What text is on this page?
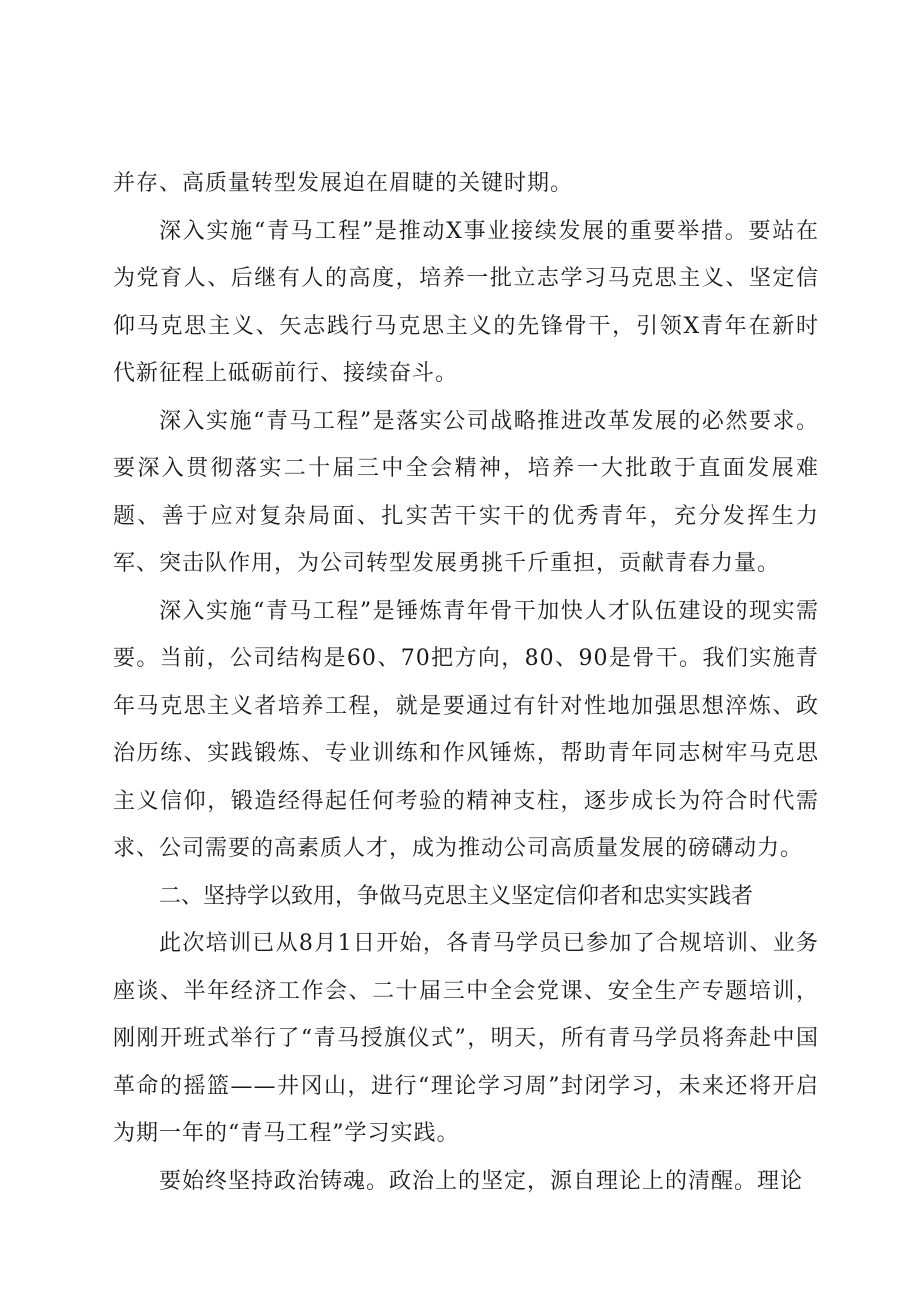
并存、高质量转型发展迫在眉睫的关键时期。

深入实施“青马工程”是推动X事业接续发展的重要举措。要站在为党育人、后继有人的高度，培养一批立志学习马克思主义、坚定信仰马克思主义、矢志践行马克思主义的先锋骨干，引领X青年在新时代新征程上砥砺前行、接续奋斗。

深入实施“青马工程”是落实公司战略推进改革发展的必然要求。要深入贯彻落实二十届三中全会精神，培养一大批敢于直面发展难题、善于应对复杂局面、扎实苦干实干的优秀青年，充分发挥生力军、突击队作用，为公司转型发展勇挑千斤重担，贡献青春力量。

深入实施“青马工程”是锤炼青年骨干加快人才队伍建设的现实需要。当前，公司结构是60、70把方向，80、90是骨干。我们实施青年马克思主义者培养工程，就是要通过有针对性地加强思想淬炼、政治历练、实践锻炼、专业训练和作风锤炼，帮助青年同志树牢马克思主义信仰，锻造经得起任何考验的精神支柱，逐步成长为符合时代需求、公司需要的高素质人才，成为推动公司高质量发展的磅礴动力。

二、坚持学以致用，争做马克思主义坚定信仰者和忠实实践者

此次培训已从8月1日开始，各青马学员已参加了合规培训、业务座谈、半年经济工作会、二十届三中全会党课、安全生产专题培训，刚刚开班式举行了“青马授旗仪式”，明天，所有青马学员将奔赴中国革命的摇篮——井冈山，进行“理论学习周”封闭学习，未来还将开启为期一年的“青马工程”学习实践。

要始终坚持政治铸魂。政治上的坚定，源自理论上的清醒。理论
